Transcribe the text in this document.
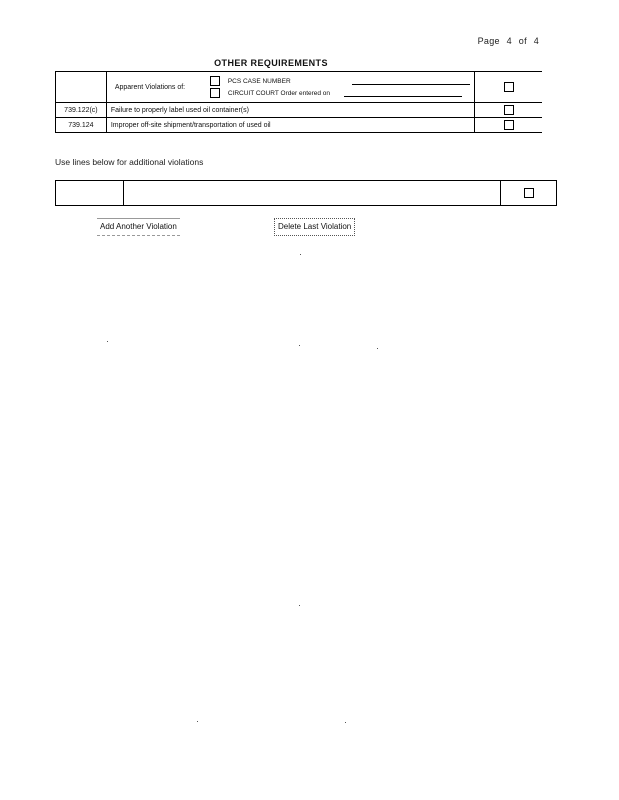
Page 4 of 4
OTHER REQUIREMENTS

	Apparent Violations of:
PCS CASE NUMBER
CIRCUIT COURT Order entered on	

739.122(c)	Failure to properly label used oil container(s)	
739.124	Improper off-site shipment/transportation of used oil	
Use lines below for additional violations
Add Another Violation	Delete Last Violation
